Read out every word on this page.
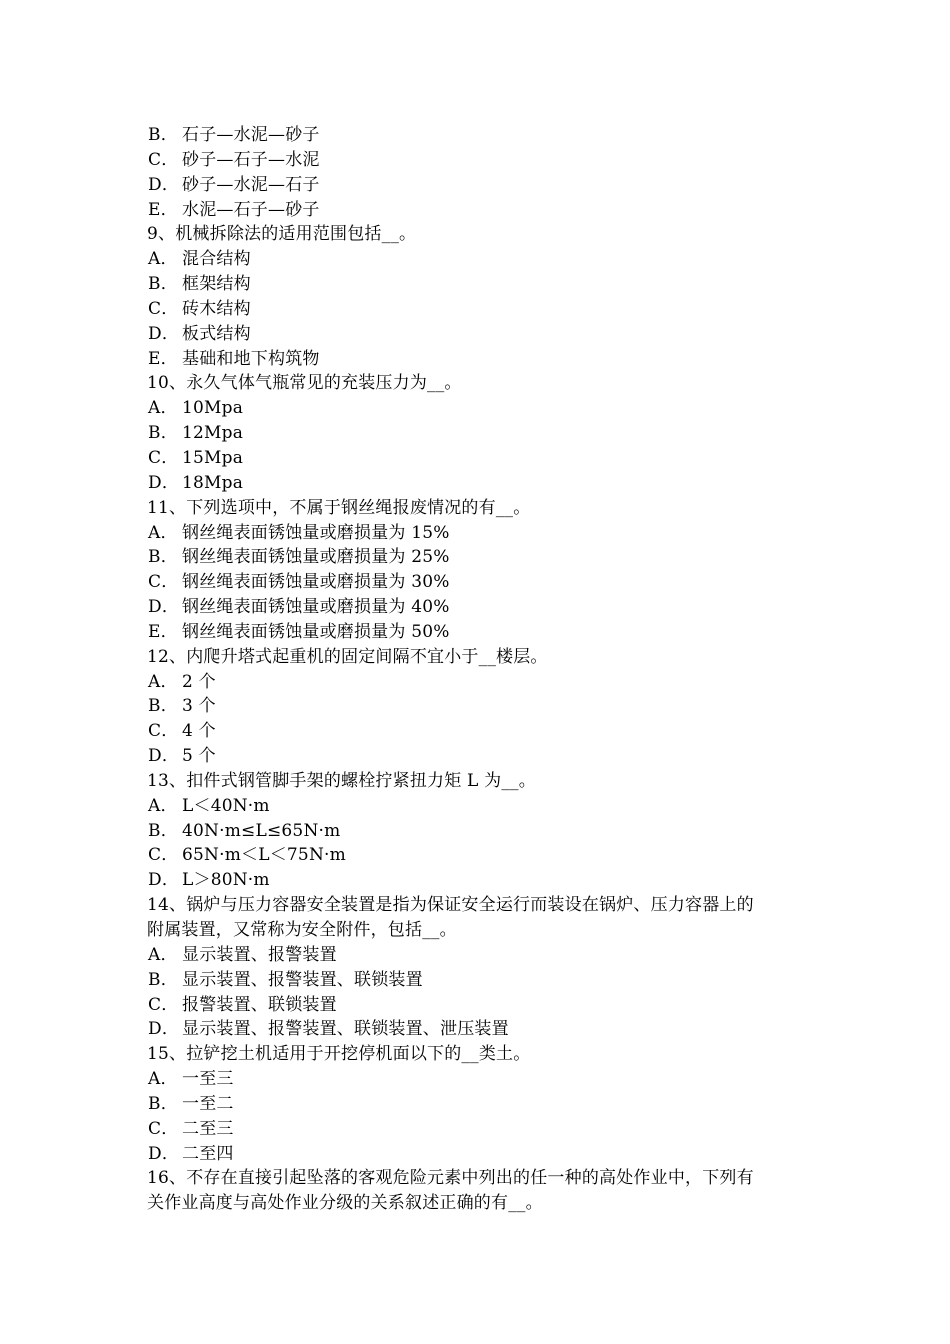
B． 石子—水泥—砂子
C． 砂子—石子—水泥
D． 砂子—水泥—石子
E． 水泥—石子—砂子
9、机械拆除法的适用范围包括__。
A． 混合结构
B． 框架结构
C． 砖木结构
D． 板式结构
E． 基础和地下构筑物
10、永久气体气瓶常见的充装压力为__。
A． 10Mpa
B． 12Mpa
C． 15Mpa
D． 18Mpa
11、下列选项中，不属于钢丝绳报废情况的有__。
A． 钢丝绳表面锈蚀量或磨损量为 15%
B． 钢丝绳表面锈蚀量或磨损量为 25%
C． 钢丝绳表面锈蚀量或磨损量为 30%
D． 钢丝绳表面锈蚀量或磨损量为 40%
E． 钢丝绳表面锈蚀量或磨损量为 50%
12、内爬升塔式起重机的固定间隔不宜小于__楼层。
A． 2 个
B． 3 个
C． 4 个
D． 5 个
13、扣件式钢管脚手架的螺栓拧紧扭力矩 L 为__。
A． L＜40N·m
B． 40N·m≤L≤65N·m
C． 65N·m＜L＜75N·m
D． L＞80N·m
14、锅炉与压力容器安全装置是指为保证安全运行而装设在锅炉、压力容器上的
附属装置，又常称为安全附件，包括__。
A． 显示装置、报警装置
B． 显示装置、报警装置、联锁装置
C． 报警装置、联锁装置
D． 显示装置、报警装置、联锁装置、泄压装置
15、拉铲挖土机适用于开挖停机面以下的__类土。
A． 一至三
B． 一至二
C． 二至三
D． 二至四
16、不存在直接引起坠落的客观危险元素中列出的任一种的高处作业中，下列有
关作业高度与高处作业分级的关系叙述正确的有__。
